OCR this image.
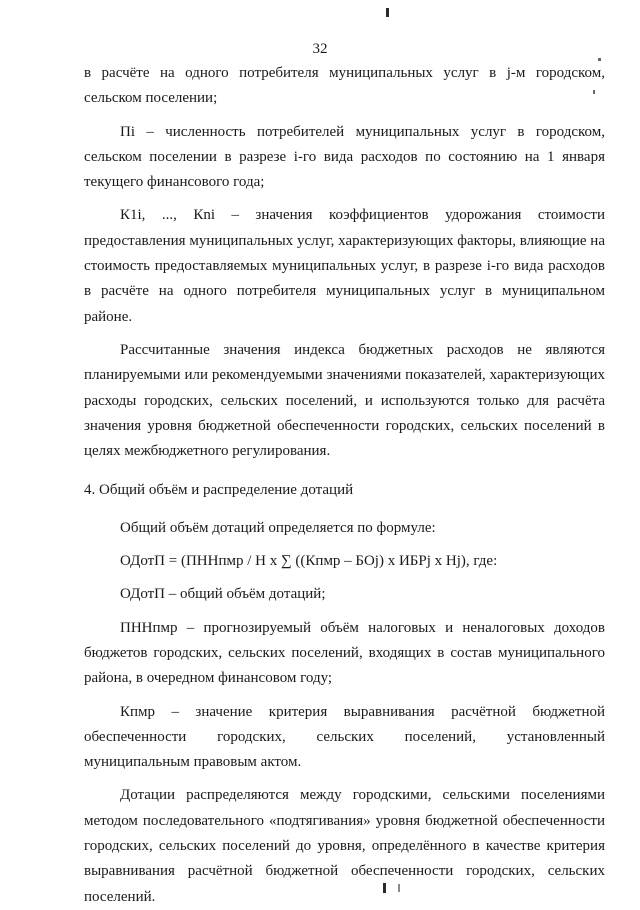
32

в расчёте на одного потребителя муниципальных услуг в j-м городском, сельском поселении;

Пi – численность потребителей муниципальных услуг в городском, сельском поселении в разрезе i-го вида расходов по состоянию на 1 января текущего финансового года;

К1i, ..., Кni – значения коэффициентов удорожания стоимости предоставления муниципальных услуг, характеризующих факторы, влияющие на стоимость предоставляемых муниципальных услуг, в разрезе i-го вида расходов в расчёте на одного потребителя муниципальных услуг в муниципальном районе.

Рассчитанные значения индекса бюджетных расходов не являются планируемыми или рекомендуемыми значениями показателей, характеризующих расходы городских, сельских поселений, и используются только для расчёта значения уровня бюджетной обеспеченности городских, сельских поселений в целях межбюджетного регулирования.

4. Общий объём и распределение дотаций

Общий объём дотаций определяется по формуле:

ОДотП = (ПННпмр / Н х ∑ ((Кпмр – БОj) х ИБРj х Нj), где:

ОДотП – общий объём дотаций;

ПННпмр – прогнозируемый объём налоговых и неналоговых доходов бюджетов городских, сельских поселений, входящих в состав муниципального района, в очередном финансовом году;

Кпмр – значение критерия выравнивания расчётной бюджетной обеспеченности городских, сельских поселений, установленный муниципальным правовым актом.

Дотации распределяются между городскими, сельскими поселениями методом последовательного «подтягивания» уровня бюджетной обеспеченности городских, сельских поселений до уровня, определённого в качестве критерия выравнивания расчётной бюджетной обеспеченности городских, сельских поселений.
